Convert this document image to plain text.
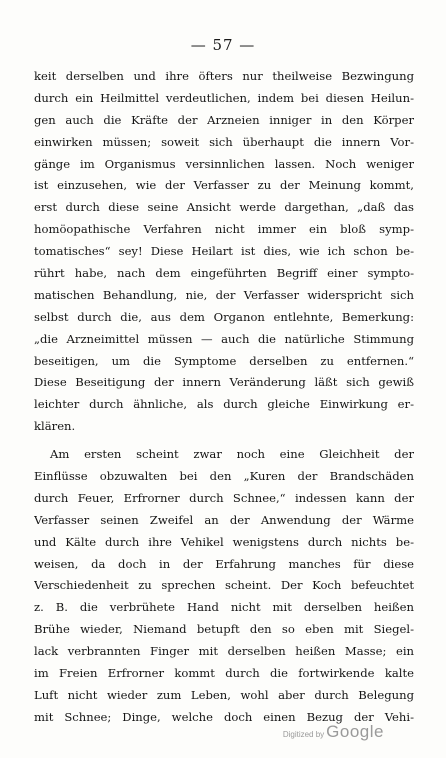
— 57 —
keit derselben und ihre öfters nur theilweise Bezwingung
durch ein Heilmittel verdeutlichen, indem bei diesen Heilun-
gen auch die Kräfte der Arzneien inniger in den Körper
einwirken müssen; soweit sich überhaupt die innern Vor-
gänge im Organismus versinnlichen lassen. Noch weniger
ist einzusehen, wie der Verfasser zu der Meinung kommt,
erst durch diese seine Ansicht werde dargethan, „daß das
homöopathische Verfahren nicht immer ein bloß symp-
tomatisches“ sey! Diese Heilart ist dies, wie ich schon be-
rührt habe, nach dem eingeführten Begriff einer sympto-
matischen Behandlung, nie, der Verfasser widerspricht sich
selbst durch die, aus dem Organon entlehnte, Bemerkung:
„die Arzneimittel müssen — auch die natürliche Stimmung
beseitigen, um die Symptome derselben zu entfernen.“
Diese Beseitigung der innern Veränderung läßt sich gewiß
leichter durch ähnliche, als durch gleiche Einwirkung er-
klären.
Am ersten scheint zwar noch eine Gleichheit der
Einflüsse obzuwalten bei den „Kuren der Brandschäden
durch Feuer, Erfrorner durch Schnee,“ indessen kann der
Verfasser seinen Zweifel an der Anwendung der Wärme
und Kälte durch ihre Vehikel wenigstens durch nichts be-
weisen, da doch in der Erfahrung manches für diese
Verschiedenheit zu sprechen scheint. Der Koch befeuchtet
z. B. die verbrühete Hand nicht mit derselben heißen
Brühe wieder, Niemand betupft den so eben mit Siegel-
lack verbrannten Finger mit derselben heißen Masse; ein
im Freien Erfrorner kommt durch die fortwirkende kalte
Luft nicht wieder zum Leben, wohl aber durch Belegung
mit Schnee; Dinge, welche doch einen Bezug der Vehi-
Digitized by Google
